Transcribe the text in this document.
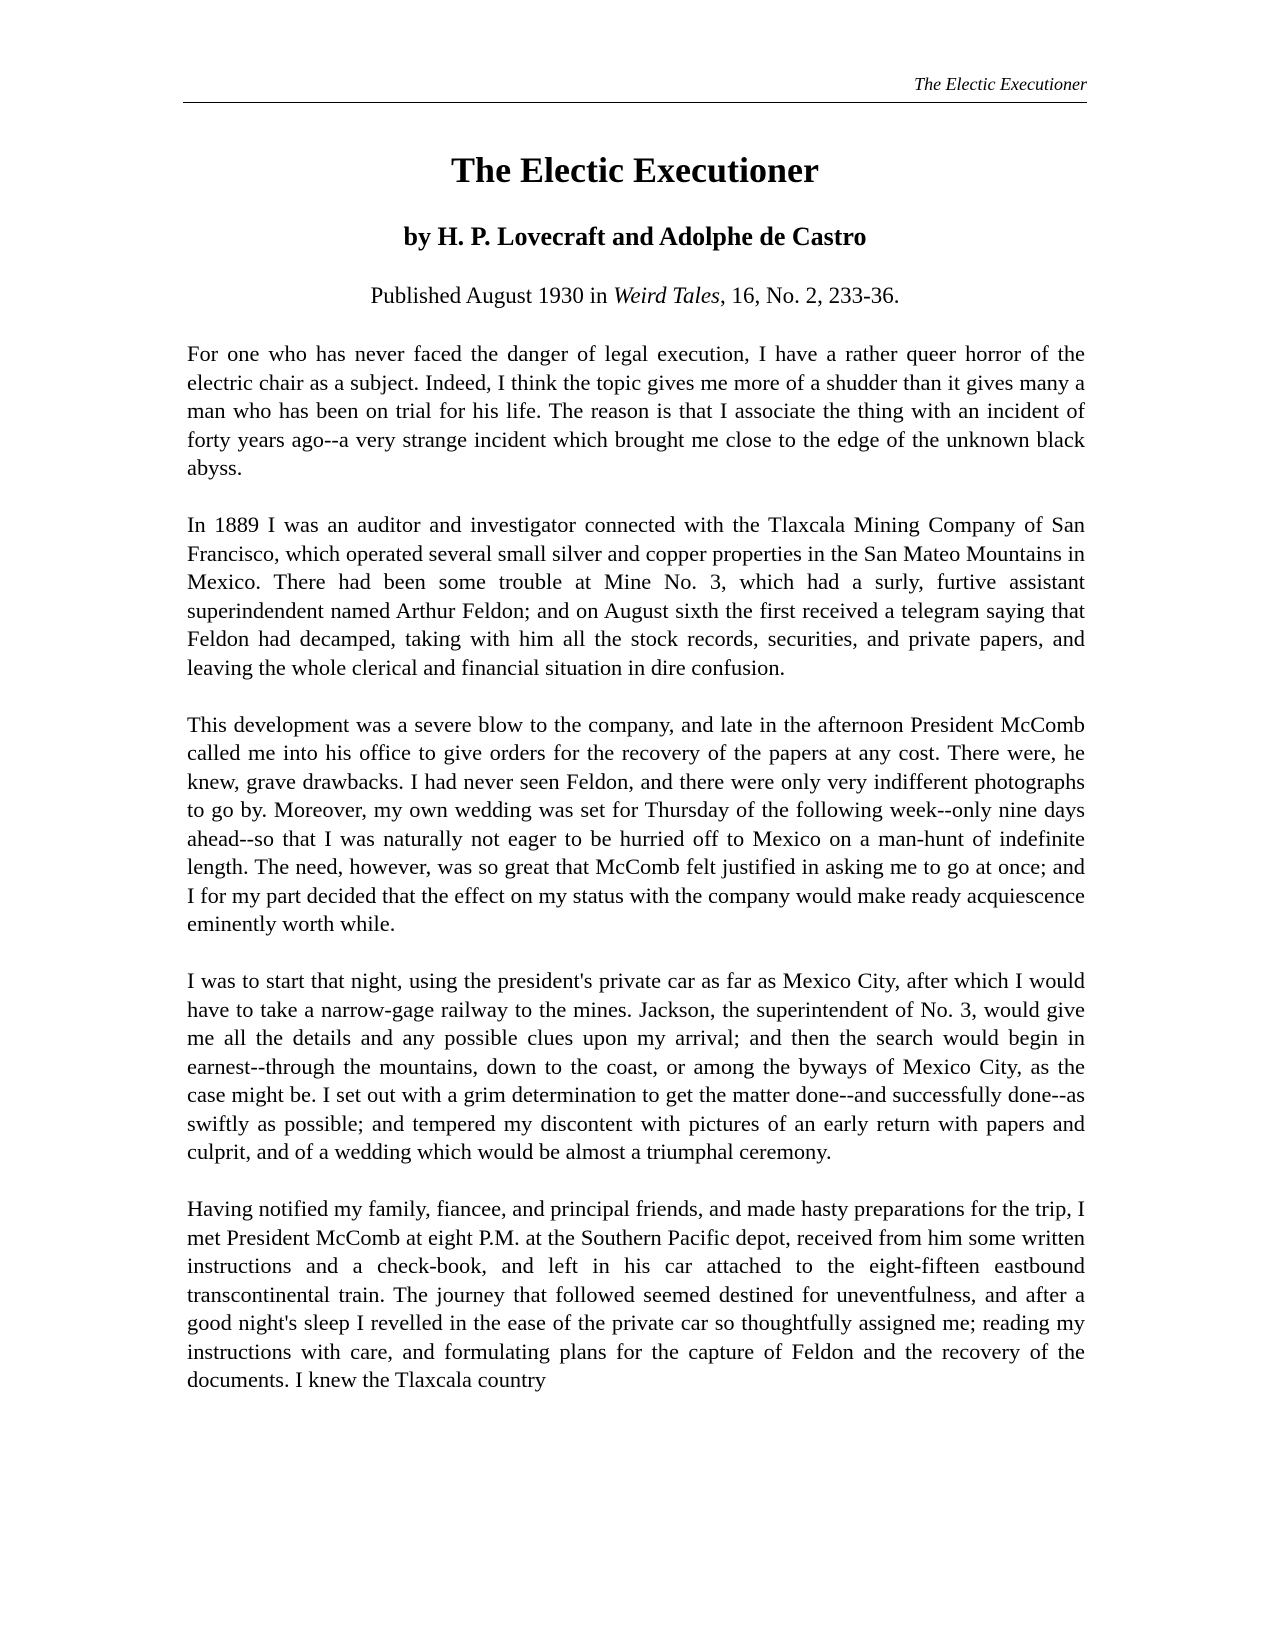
The Electic Executioner
The Electic Executioner
by H. P. Lovecraft and Adolphe de Castro

Published August 1930 in Weird Tales, 16, No. 2, 233-36.

For one who has never faced the danger of legal execution, I have a rather queer horror of the electric chair as a subject. Indeed, I think the topic gives me more of a shudder than it gives many a man who has been on trial for his life. The reason is that I associate the thing with an incident of forty years ago--a very strange incident which brought me close to the edge of the unknown black abyss.

In 1889 I was an auditor and investigator connected with the Tlaxcala Mining Company of San Francisco, which operated several small silver and copper properties in the San Mateo Mountains in Mexico. There had been some trouble at Mine No. 3, which had a surly, furtive assistant superindendent named Arthur Feldon; and on August sixth the first received a telegram saying that Feldon had decamped, taking with him all the stock records, securities, and private papers, and leaving the whole clerical and financial situation in dire confusion.

This development was a severe blow to the company, and late in the afternoon President McComb called me into his office to give orders for the recovery of the papers at any cost. There were, he knew, grave drawbacks. I had never seen Feldon, and there were only very indifferent photographs to go by. Moreover, my own wedding was set for Thursday of the following week--only nine days ahead--so that I was naturally not eager to be hurried off to Mexico on a man-hunt of indefinite length. The need, however, was so great that McComb felt justified in asking me to go at once; and I for my part decided that the effect on my status with the company would make ready acquiescence eminently worth while.

I was to start that night, using the president's private car as far as Mexico City, after which I would have to take a narrow-gage railway to the mines. Jackson, the superintendent of No. 3, would give me all the details and any possible clues upon my arrival; and then the search would begin in earnest--through the mountains, down to the coast, or among the byways of Mexico City, as the case might be. I set out with a grim determination to get the matter done--and successfully done--as swiftly as possible; and tempered my discontent with pictures of an early return with papers and culprit, and of a wedding which would be almost a triumphal ceremony.

Having notified my family, fiancee, and principal friends, and made hasty preparations for the trip, I met President McComb at eight P.M. at the Southern Pacific depot, received from him some written instructions and a check-book, and left in his car attached to the eight-fifteen eastbound transcontinental train. The journey that followed seemed destined for uneventfulness, and after a good night's sleep I revelled in the ease of the private car so thoughtfully assigned me; reading my instructions with care, and formulating plans for the capture of Feldon and the recovery of the documents. I knew the Tlaxcala country
